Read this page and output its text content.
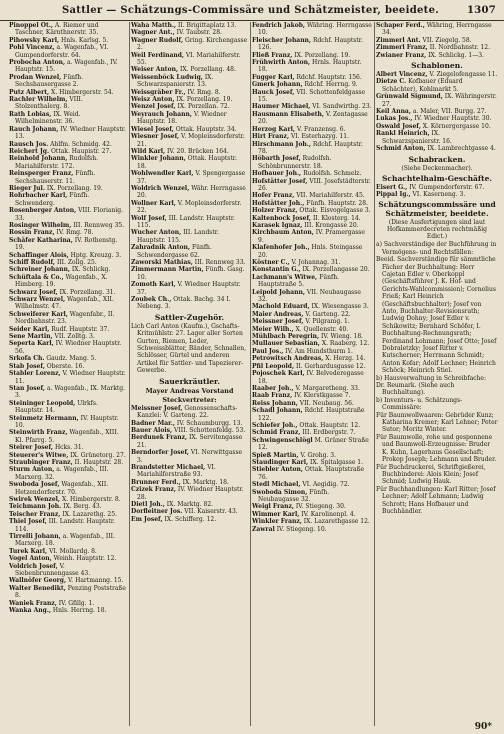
Sattler — Schätzungs-Commissäre und Schätzmeister, beeidete.	1307
Pinoppel Ot., A. Riemer und Taschner, Kärnthnerstr. 35.
Pihowsky Karl, Hnls. Karlsg. 5.
Pohl Vincenz, a. Wagenfab., VI. Gumpendorferstr. 64.
Probocha Anton, a. Wagenfab., IV. Hauptstr. 15.
Prodan Wenzel, Fünfh. Sechshausergasse 2.
Putz Albert, X. Himbergerstr. 54.
Rachler Wilhelm, VIII. Stolzenthalerg. 8.
Rath Lobias, IX. Weid. Wilhelminenstr. 36.
Rauch Johann, IV. Wiedner Hauptstr. 13.
Rausch Jos. Ablfm. Schmidg. 42.
Reichert Jg. Ottak. Haupistr. 27.
Reinhold Johann, Rudolfsh. Mariahilferstr. 172.
Reinsperger Franz, Fünfh. Sechshauserstr. 11.
Rieger Jul. IX. Porzellang. 19.
Rohrbacher Karl, Fünfh. Schwenderg.
Rosenberger Anton, VIII. Florianig. 33.
Rosinger Wilhelm, III. Rennweg 35.
Rossin Franz, IV. Rmg. 78.
Schäfer Katharina, IV. Rothenstg. 19.
Schaffinger Alois, Hptg. Kreuzg. 3.
Schiff Rudolf, III. Zollg. 25.
Schreiner Johann, IX. Schlickg.
Schüftala & Co., Wagenfab., X. Himberg. 19.
Schwarz Josef, IX. Porzellang. 31.
Schwarz Wenzel, Wagenfab., XII. Wilhelmstr. 47.
Schweiferer Karl, Wagenfabr., II. Nordbahnstr. 23.
Seider Karl, Rudf. Hauptstr. 37.
Sene Martin, VII. Zolltg. 3.
Seperta Karl, IV. Wiedner Hauptstr. 56.
Srkofa Ch. Gaudz. Mang. 5.
Stab Josef, Oberste. 16.
Stabler Lorenz, V. Wiedner Hauptstr. 11.
Stan Josef, a. Wagenfab., IX. Marktg. 3.
Steininger Leopold, Ulrkfs. Hauptstr. 14.
Steinmetz Hermann, IV. Hauptstr. 10.
Steinwirth Franz, Wagenfab., XIII. Kl. Pfarrg. 5.
Steirer Josef, Hcks. 31.
Steuerer's Witwe, IX. Grünetorg. 27.
Straubinger Franz, II. Hauptstr. 28.
Sturm Anton, a. Wagenfab., III. Marxerg. 32.
Swoboda Josef, Wagenfab., XII. Hetzendorferstr. 70.
Swirek Wenzel, X. Himbergerstr. 8.
Teichmann Joh. IX. Berg. 43.
Teischer Franz, IX. Lazarethg. 25.
Thiel Josef, III. Landstr. Hauptstr. 114.
Tirrelli Johann, a. Wagenfab., III. Marxerg. 18.
Turek Karl, VI. Mollardg. 8.
Vogel Anton, Weinh. Hauptstr. 12.
Voldrich Josef, V. Siebenbrunnengasse 43.
Wallnöfer Georg, V. Hartmanng. 15.
Walter Benedikt, Penzing Poststraße 8.
Waniek Franz, IV. Gfillg. 1.
Wanka Ang., Hnls. Herrng. 18.
Waha Matth., II. Brigittaplatz 13.
Wagner Ant., IV. Taubstr. 28.
Wagner Rudolf, Gring. Kirchengasse 2.
Weil Ferdinand, VI. Mariahilferstr. 55.
Weiser Anton, IX. Porzellang. 48.
Weissenböck Ludwig, IX. Schwarzspanierstr. 13.
Weissgräber Fr., IV. Rmg. 8.
Weisz Anton, IX. Porzellang. 19.
Wenzel Josef, IX. Porzellan. 72.
Weyrauch Johann, V. Wiedner Hauptstr. 18.
Wiesel Josef, Ottak. Hauptstr. 34.
Wiesner Josef, V. Mopleinsdorferstr. 21.
Wild Karl, IV. 20. Brücken 164.
Winkler Johann, Ottak. Hauptstr. 18.
Wohlwendler Karl, V. Spengergasse 37.
Woldrich Wenzel, Währ. Herrngasse 20.
Wollner Karl, V. Mopleinsdorferstr. 22.
Wolf Josef, III. Landstr. Hauptstr. 115.
Wucher Anton, III. Landstr. Hauptstr. 115.
Zahradnik Anton, Fünfh. Schwendergasse 62.
Zaworski Mathias, III. Rennweg 33.
Zimmermann Martin, Fünfh. Gasg. 10.
Zomoth Karl, V. Wiedner Hauptstr. 37.
Zoubek Ch., Ottak. Bachg. 34 I. Nebeng. 3.
Sattler-Zugehör.
Lich Carl Anton (Kaufm.), Gschafts-Kritmühlstr. 27. Lager aller Sorten Gurten, Riemen, Leder, Schweissblätter, Bänder, Schnallen, Schlösser, Gürtel und anderen Artikel für Sattler- und Tapezierer-Gewerbe.
Sauerkräutler.
Mayer Andreas Vorstand
Steckvertreter:
Meissner Josef, Genossenschafts-Kanzlei: V. Garteng. 22.
Badner Mar., IV. Schaumburgg. 13.
Bauer Alois, VIII. Schottenfeldg. 53.
Berdunek Franz, IX. Servitengasse 21.
Berndorfer Josef, VI. Nerwittgasse 3.
Brandstetter Michael, VI. Mariahilferstraße 93.
Brunner Ferd., IX. Marktg. 18.
Czizek Franz, IV. Wiedner Hauptstr. 28.
Dietl Joh., IX. Marktg. 82.
Dorfleitner Jos. VII. Kaiserstr. 43.
Em Josef, IX. Schifferg. 12.
Fendrich Jakob, Währing. Herrngasse 10.
Fleischer Johann, Rdchf. Hauptstr. 126.
Fließ Franz, IX. Porzellang. 19.
Frühwirth Anton, Hrnls. Hauptstr. 18.
Fugger Karl, Rdchf. Hauptstr. 156.
Gmerk Johann, Rdchf. Herrng. 9.
Hauck Josef, VII. Schottenfeldgasse 15.
Haumer Michael, VI. Sandwirthg. 23.
Hausmann Elisabeth, V. Zentagasse 20.
Herzog Karl, V. Franzensg. 6.
Hirt Franz, VI. Esterhazyg. 11.
Hirschmann Joh., Rdchf. Hauptstr. 78.
Höbarth Josef, Rudolfsh. Schönbrunnerstr. 18.
Hofbauer Joh., Rudolfsh. Schmelz.
Hofstätter Josef, VIII. Josefstädterstr. 26.
Hofer Franz, VII. Mariahilferstr. 45.
Hofstätter Joh., Fünfh. Hauptstr. 28.
Holzer Franz, Ottak. Eisvogelgasse 3.
Kaltenbock Josef, II. Klosterg. 14.
Karasek Ignaz, III. Krongasse 20.
Kirchbaum Anton, IV. Pramergasse 9.
Klafenhofer Joh., Hnls. Steingasse 20.
Köstner C., V. Johannag. 31.
Konstantin G., IX. Porzellangasse 20.
Lachmann's Witwe, Fünfh. Hauptstraße 5.
Leipold Johann, VII. Neubaugasse 32.
Machold Eduard, IX. Wiesengasse 3.
Maier Andreas, V. Garteng. 22.
Meissner Josef, V. Pilgramg. 1.
Meier Wilh., X. Quellenstr. 40.
Mühlbach Peregrin, IV. Wieng. 18.
Mullauer Sebastian, X. Raaberg. 12.
Paul Jos., IV. Am Hundsthurm 1.
Petrowitsch Andreas, X. Herzg. 14.
Pfil Leopold, II. Gerhardusgasse 12.
Pojoschek Karl, IV. Belvederegasse 18.
Raaber Joh., V. Margaretheng. 33.
Raab Franz, IV. Klerstkgasse 7.
Reiss Johann, VII. Neubaug. 56.
Schadl Johann, Rdchf. Hauptstraße 122.
Schiefer Joh., Ottak. Hauptstr. 12.
Schmid Franz, III. Erdbergstr. 7.
Schwingenschlögl M. Grüner Straße 12.
Spieß Martin, V. Grohg. 3.
Staudinger Karl, IX. Spitalgasse 1.
Stiebler Anton, Ottak. Hauptstraße 76.
Stedl Michael, VI. Aegidig. 72.
Swoboda Simon, Fünfh. Neubaugasse 32.
Weigl Franz, IV. Stiegeng. 30.
Wimmer Karl, IV. Karolinenpl. 4.
Winkler Franz, IX. Lazarethgasse 12.
Zawral IV. Stiegeng. 10.
Schaper Ferd., Währing, Herrngasse 34.
Zimmerl Ant. VII. Ziegelg. 58.
Zimmerl Franz, II. Nordbahnstr. 12.
Zwianer Franz, IX. Schlickg. 1—3.
Schablonen.
Albert Vincenz, V. Ziegelofengasse 11.
Dietze C. Kofbauer (Eduard Schächter), Kohlmarkt 5.
Grünwald Sigmund, IX. Währingerstr. 27.
Keil Anna, a. Maler, VII. Burgg. 27.
Lukas Jos., IV. Wiedner Hauptstr. 30.
Oswald Josef, X. Körnergergasse 10.
Rankl Heinrich, IX. Schwarzspanierstr. 16.
Schmid Anton, IX. Lambrechtgasse 4.
Schabracken.
(Siehe Deckenmacher).
Schachtelhalm-Geschäfte.
Eisert G., IV. Gumpendorferstr. 67.
Pippal Ig., VI. Kaserneng. 3.
Schätzungscommissäre und Schätzmeister, beeidete.
(Diese Ausfertigungen sind laut Hofkammerdecreten rechtmäßig Edict.)
a) Sachverständige der Buchführung in Vermögens- und Rechtsfällen:
Beeid. Sachverständige für sämmtliche Fächer der Buchhaltung: Herr Cajetan Edler v. Oberkoppl (Geschäftsführer J. K. Hof- und Gerichts-Wahlcommission); Cornelius Frieß; Karl Heinrich (Geschäftsbuchhalter); Josef von Anto, Buchhalter-Revisionsrath; Ludwig Dohny; Josef Edler v. Schikowitz; Bernhard Schöfer, I. Buchhaltung-Rechnungsrath; Ferdinand Lohmann; Josef Otto; Josef Dobraletzky; Josef Ritter v. Kutscherner; Herrmann Schmidt; Anton Kofar; Adolf Lechner; Heinrich Schöck; Heinrich Stiel.
b) Hausverwaltung in Schreibfache:
Dr. Reumark. (Siehe auch Buchhaltung).
b) Inventurs- u. Schätzungs-Commissäre:
Für Baumwollwaaren: Gebrüder Kunz; Katharina Kremer; Karl Lehner; Peter Sutor; Moritz Winter.
Für Baumwolle, rohe und gesponnene und Baumwoll-Erzeugnisse: Bruder K. Kuhn, Lagerhaus Gesellschaft; Prokop Joseph; Lehmann und Bruder.
Für Buchdruckerei, Schriftgießerei, Buchbinderei: Alois Klein; Josef Schmid; Ludwig Hauk.
Für Buchhandlungen: Karl Ritter; Josef Lechner; Adolf Lehmann; Ludwig Schrott; Hans Hofbauer und Buchhändler.
90*
